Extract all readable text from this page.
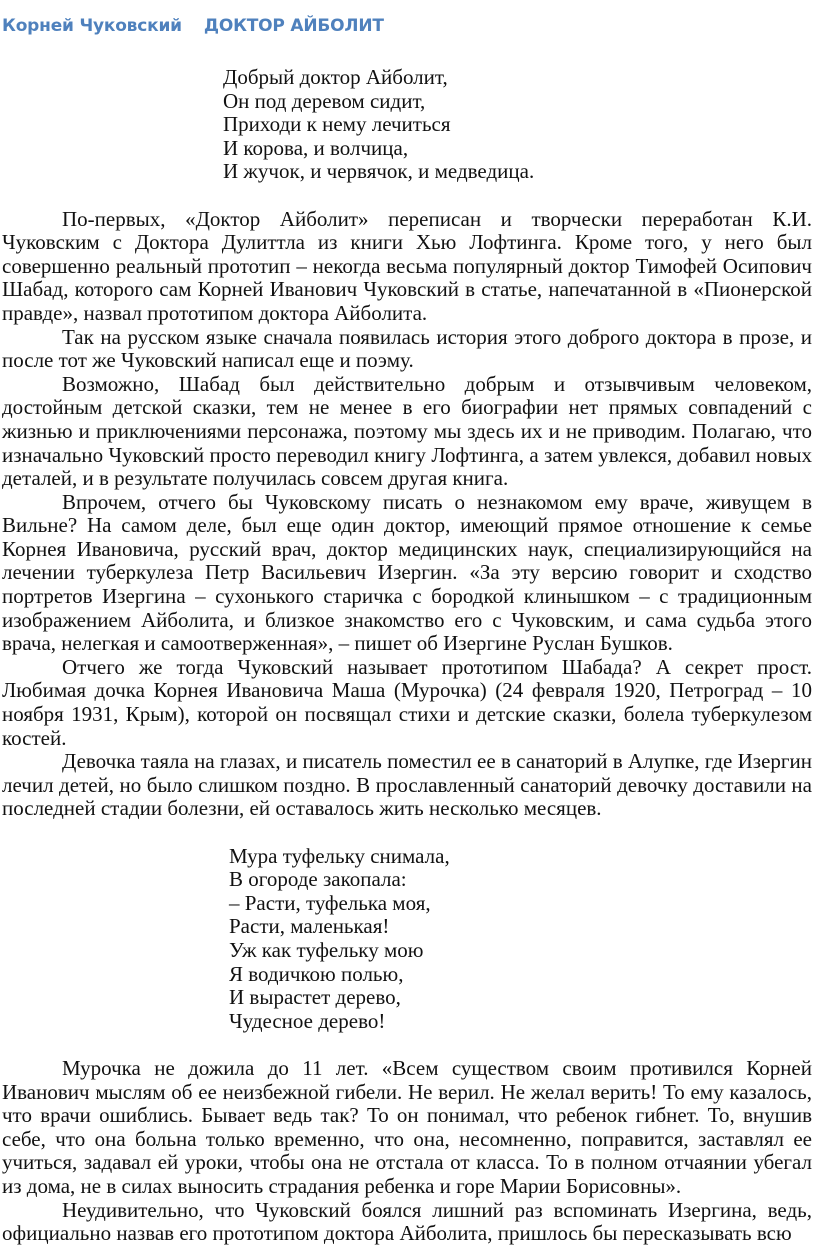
Корней Чуковский ДОКТОР АЙБОЛИТ
Добрый доктор Айболит,
Он под деревом сидит,
Приходи к нему лечиться
И корова, и волчица,
И жучок, и червячок, и медведица.

По-первых, «Доктор Айболит» переписан и творчески переработан К.И. Чуковским с Доктора Дулиттла из книги Хью Лофтинга. Кроме того, у него был совершенно реальный прототип – некогда весьма популярный доктор Тимофей Осипович Шабад, которого сам Корней Иванович Чуковский в статье, напечатанной в «Пионерской правде», назвал прототипом доктора Айболита.

Так на русском языке сначала появилась история этого доброго доктора в прозе, и после тот же Чуковский написал еще и поэму.

Возможно, Шабад был действительно добрым и отзывчивым человеком, достойным детской сказки, тем не менее в его биографии нет прямых совпадений с жизнью и приключениями персонажа, поэтому мы здесь их и не приводим. Полагаю, что изначально Чуковский просто переводил книгу Лофтинга, а затем увлекся, добавил новых деталей, и в результате получилась совсем другая книга.

Впрочем, отчего бы Чуковскому писать о незнакомом ему враче, живущем в Вильне? На самом деле, был еще один доктор, имеющий прямое отношение к семье Корнея Ивановича, русский врач, доктор медицинских наук, специализирующийся на лечении туберкулеза Петр Васильевич Изергин. «За эту версию говорит и сходство портретов Изергина – сухонького старичка с бородкой клинышком – с традиционным изображением Айболита, и близкое знакомство его с Чуковским, и сама судьба этого врача, нелегкая и самоотверженная», – пишет об Изергине Руслан Бушков.

Отчего же тогда Чуковский называет прототипом Шабада? А секрет прост. Любимая дочка Корнея Ивановича Маша (Мурочка) (24 февраля 1920, Петроград – 10 ноября 1931, Крым), которой он посвящал стихи и детские сказки, болела туберкулезом костей.

Девочка таяла на глазах, и писатель поместил ее в санаторий в Алупке, где Изергин лечил детей, но было слишком поздно. В прославленный санаторий девочку доставили на последней стадии болезни, ей оставалось жить несколько месяцев.

Мура туфельку снимала,
В огороде закопала:
– Расти, туфелька моя,
Расти, маленькая!
Уж как туфельку мою
Я водичкою полью,
И вырастет дерево,
Чудесное дерево!

Мурочка не дожила до 11 лет. «Всем существом своим противился Корней Иванович мыслям об ее неизбежной гибели. Не верил. Не желал верить! То ему казалось, что врачи ошиблись. Бывает ведь так? То он понимал, что ребенок гибнет. То, внушив себе, что она больна только временно, что она, несомненно, поправится, заставлял ее учиться, задавал ей уроки, чтобы она не отстала от класса. То в полном отчаянии убегал из дома, не в силах выносить страдания ребенка и горе Марии Борисовны».

Неудивительно, что Чуковский боялся лишний раз вспоминать Изергина, ведь, официально назвав его прототипом доктора Айболита, пришлось бы пересказывать всю
